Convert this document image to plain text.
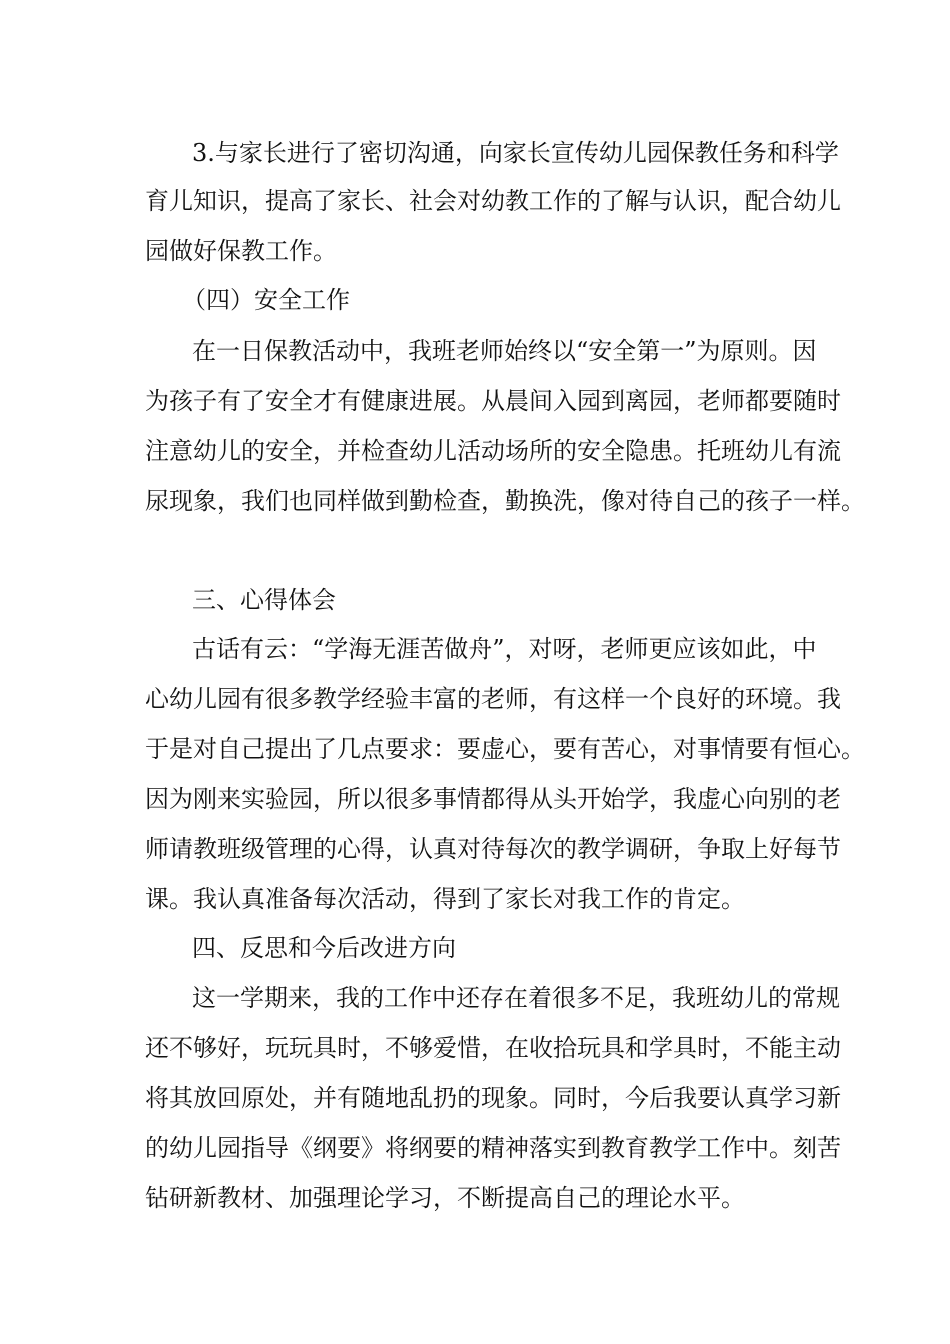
3.与家长进行了密切沟通，向家长宣传幼儿园保教任务和科学
育儿知识，提高了家长、社会对幼教工作的了解与认识，配合幼儿
园做好保教工作。
（四）安全工作
在一日保教活动中，我班老师始终以“安全第一”为原则。因
为孩子有了安全才有健康进展。从晨间入园到离园，老师都要随时
注意幼儿的安全，并检查幼儿活动场所的安全隐患。托班幼儿有流
尿现象，我们也同样做到勤检查，勤换洗，像对待自己的孩子一样。
三、心得体会
古话有云：“学海无涯苦做舟”，对呀，老师更应该如此，中
心幼儿园有很多教学经验丰富的老师，有这样一个良好的环境。我
于是对自己提出了几点要求：要虚心，要有苦心，对事情要有恒心。
因为刚来实验园，所以很多事情都得从头开始学，我虚心向别的老
师请教班级管理的心得，认真对待每次的教学调研，争取上好每节
课。我认真准备每次活动，得到了家长对我工作的肯定。
四、反思和今后改进方向
这一学期来，我的工作中还存在着很多不足，我班幼儿的常规
还不够好，玩玩具时，不够爱惜，在收拾玩具和学具时，不能主动
将其放回原处，并有随地乱扔的现象。同时，今后我要认真学习新
的幼儿园指导《纲要》将纲要的精神落实到教育教学工作中。刻苦
钻研新教材、加强理论学习，不断提高自己的理论水平。
